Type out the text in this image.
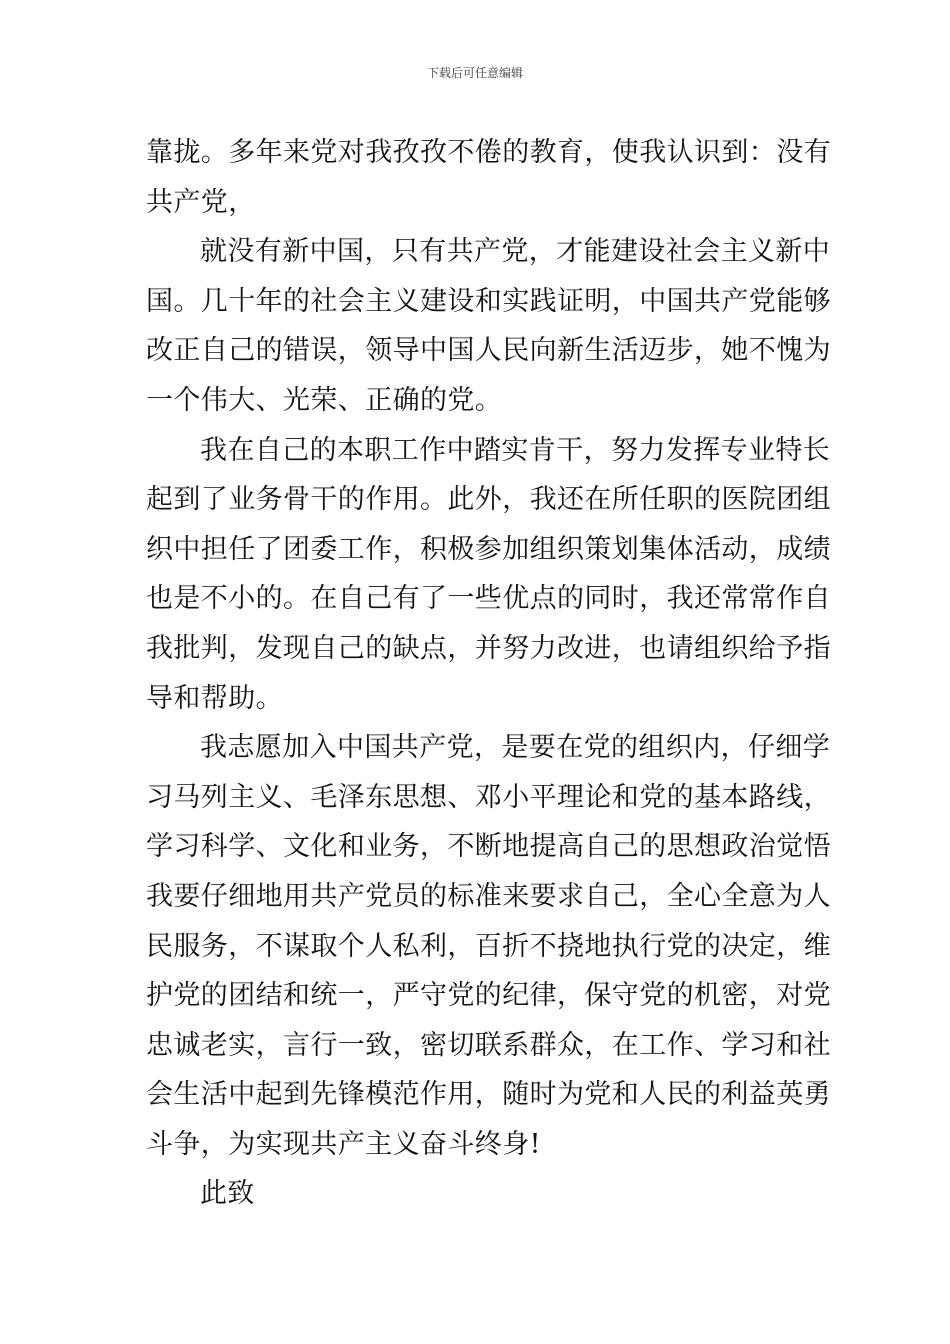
下载后可任意编辑

靠拢。多年来党对我孜孜不倦的教育，使我认识到：没有
共产党，

就没有新中国，只有共产党，才能建设社会主义新中
国。几十年的社会主义建设和实践证明，中国共产党能够
改正自己的错误，领导中国人民向新生活迈步，她不愧为
一个伟大、光荣、正确的党。

我在自己的本职工作中踏实肯干，努力发挥专业特长
起到了业务骨干的作用。此外，我还在所任职的医院团组
织中担任了团委工作，积极参加组织策划集体活动，成绩
也是不小的。在自己有了一些优点的同时，我还常常作自
我批判，发现自己的缺点，并努力改进，也请组织给予指
导和帮助。

我志愿加入中国共产党，是要在党的组织内，仔细学
习马列主义、毛泽东思想、邓小平理论和党的基本路线，
学习科学、文化和业务，不断地提高自己的思想政治觉悟
我要仔细地用共产党员的标准来要求自己，全心全意为人
民服务，不谋取个人私利，百折不挠地执行党的决定，维
护党的团结和统一，严守党的纪律，保守党的机密，对党
忠诚老实，言行一致，密切联系群众，在工作、学习和社
会生活中起到先锋模范作用，随时为党和人民的利益英勇
斗争，为实现共产主义奋斗终身!

此致
